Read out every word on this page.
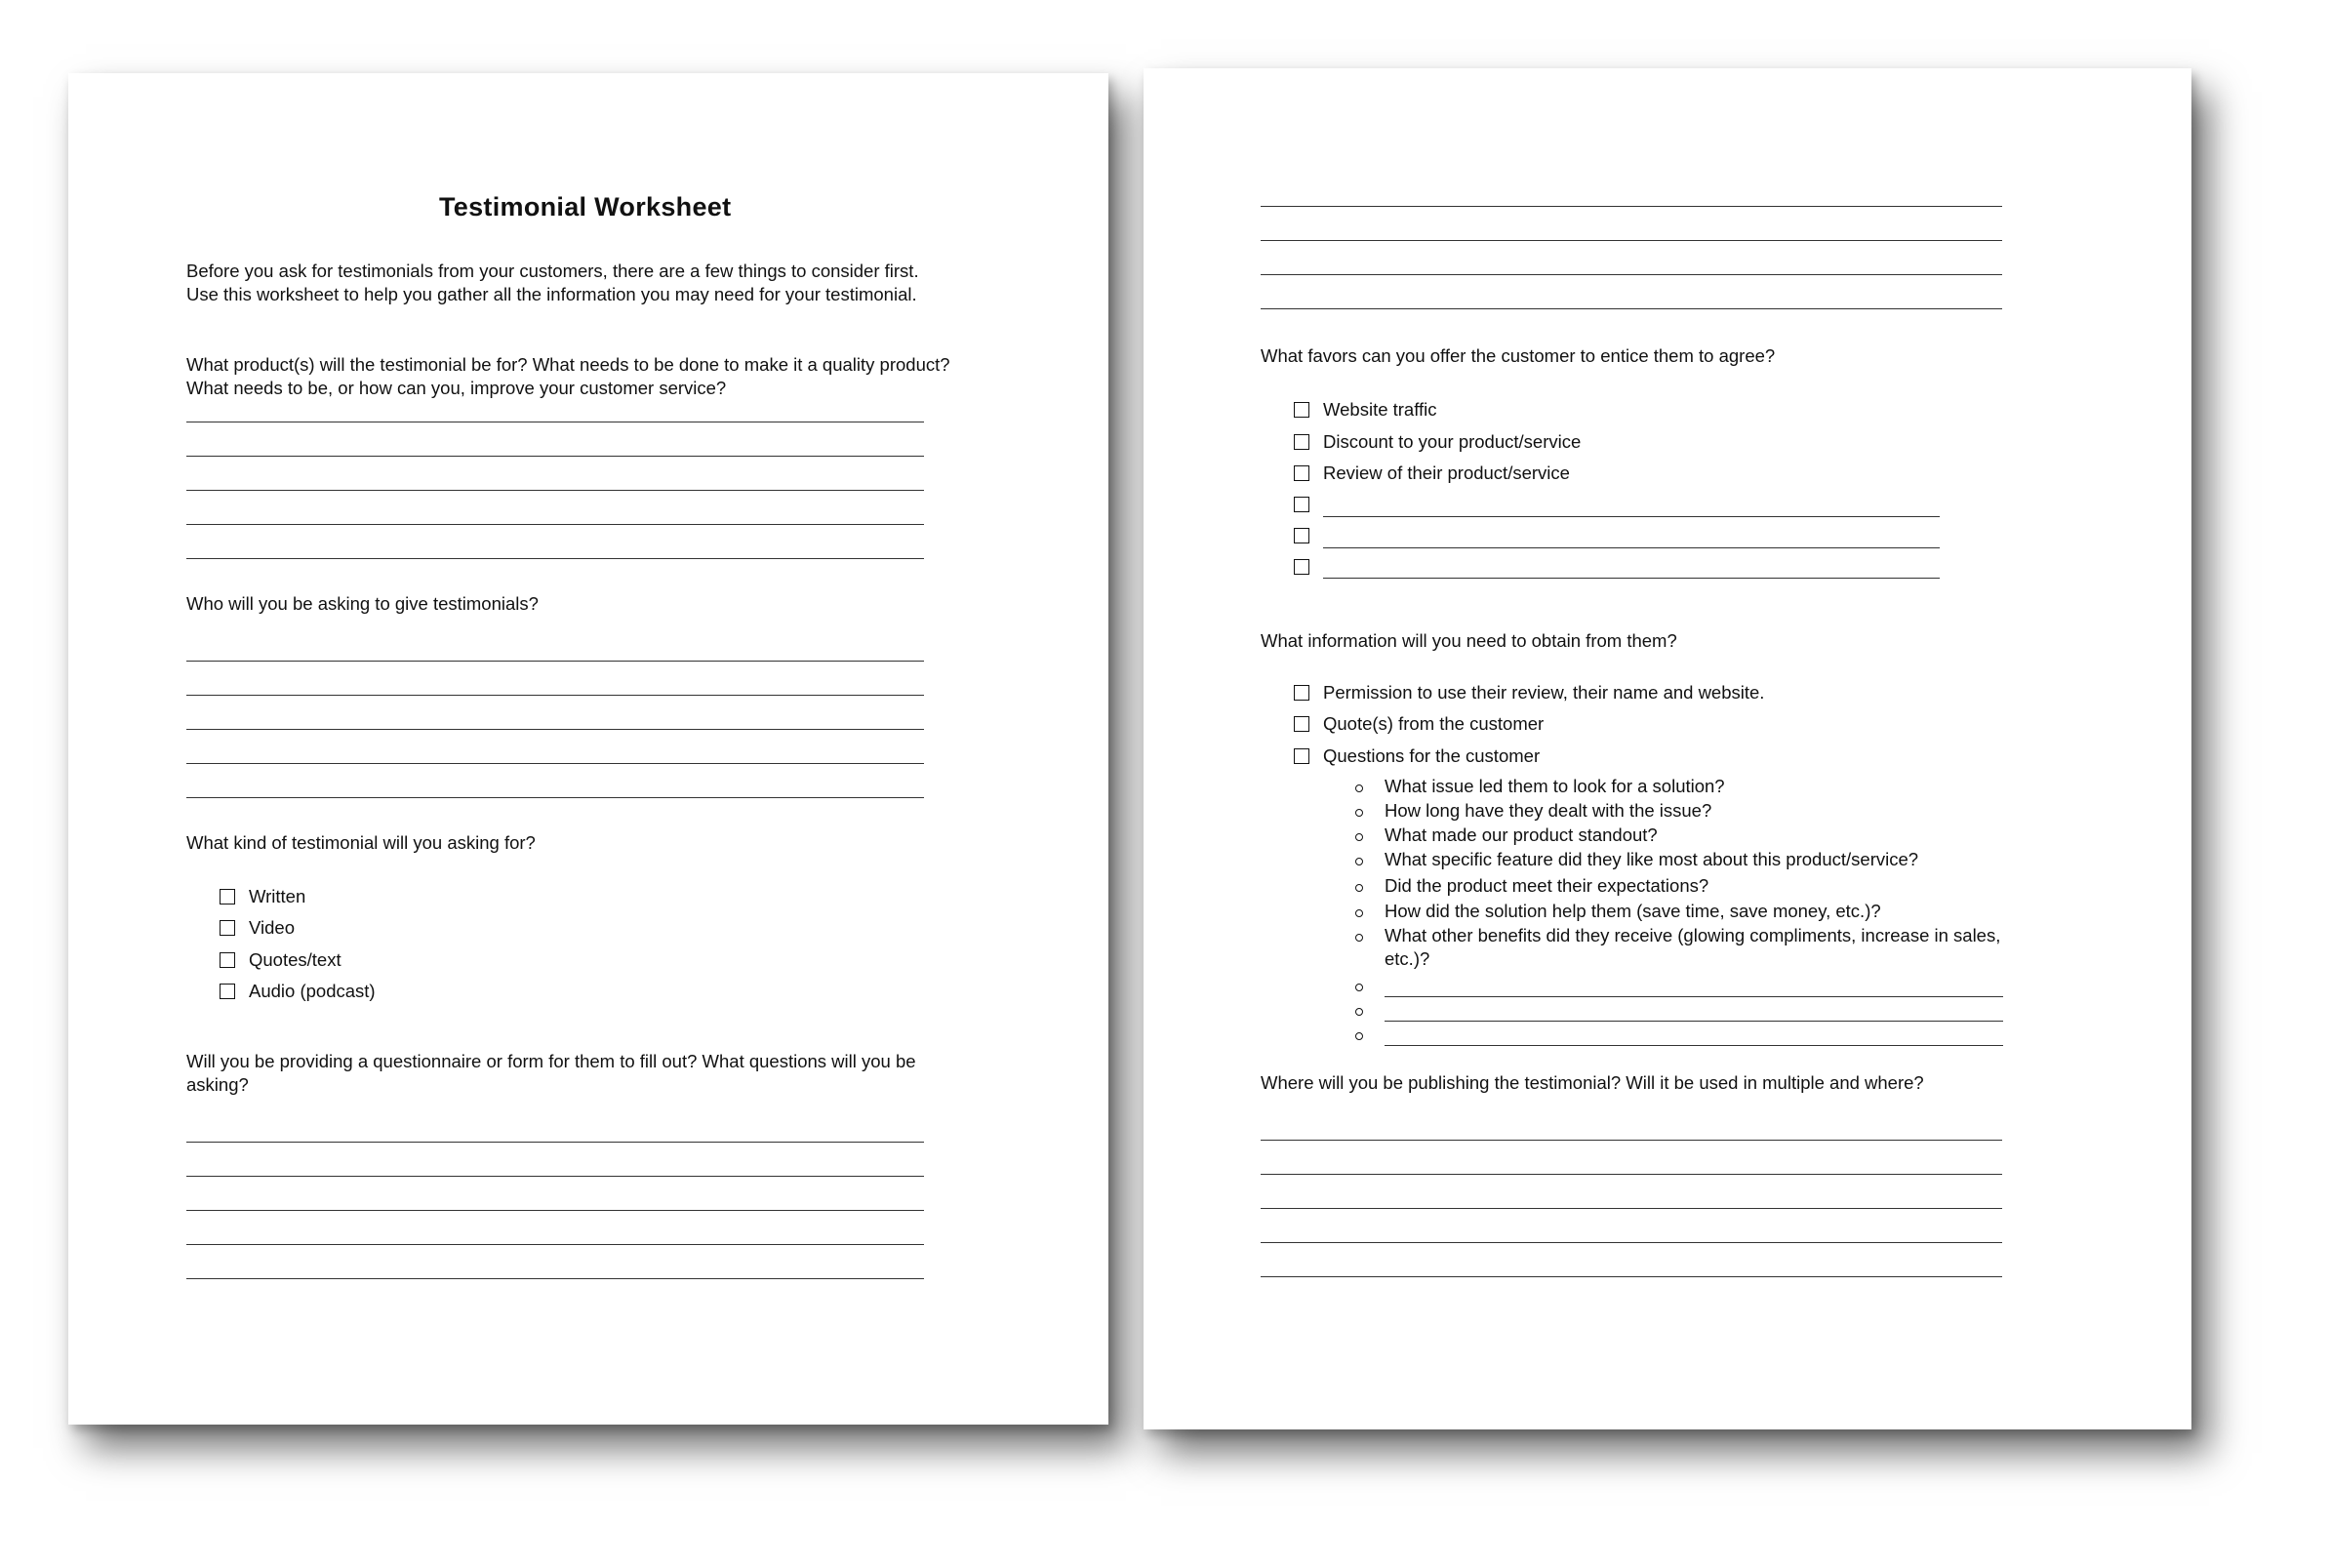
Testimonial Worksheet
Before you ask for testimonials from your customers, there are a few things to consider first.
Use this worksheet to help you gather all the information you may need for your testimonial.
What product(s) will the testimonial be for? What needs to be done to make it a quality product?
What needs to be, or how can you, improve your customer service?
Who will you be asking to give testimonials?
What kind of testimonial will you asking for?
Written
Video
Quotes/text
Audio (podcast)
Will you be providing a questionnaire or form for them to fill out? What questions will you be
asking?
What favors can you offer the customer to entice them to agree?
Website traffic
Discount to your product/service
Review of their product/service
What information will you need to obtain from them?
Permission to use their review, their name and website.
Quote(s) from the customer
Questions for the customer
What issue led them to look for a solution?
How long have they dealt with the issue?
What made our product standout?
What specific feature did they like most about this product/service?
Did the product meet their expectations?
How did the solution help them (save time, save money, etc.)?
What other benefits did they receive (glowing compliments, increase in sales,
etc.)?
Where will you be publishing the testimonial? Will it be used in multiple and where?
